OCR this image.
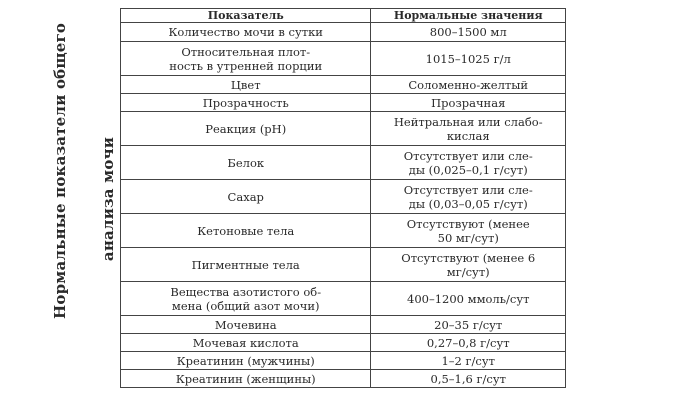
Нормальные показатели общего анализа мочи
Показатель	Нормальные значения
Количество мочи в сутки	800–1500 мл
Относительная плот-
ность в утренней порции	1015–1025 г/л
Цвет	Соломенно-желтый
Прозрачность	Прозрачная
Реакция (рН)	Нейтральная или слабо-
кислая
Белок	Отсутствует или сле-
ды (0,025–0,1 г/сут)
Сахар	Отсутствует или сле-
ды (0,03–0,05 г/сут)
Кетоновые тела	Отсутствуют (менее
50 мг/сут)
Пигментные тела	Отсутствуют (менее 6
мг/сут)
Вещества азотистого об-
мена (общий азот мочи)	400–1200 ммоль/сут
Мочевина	20–35 г/сут
Мочевая кислота	0,27–0,8 г/сут
Креатинин (мужчины)	1–2 г/сут
Креатинин (женщины)	0,5–1,6 г/сут
